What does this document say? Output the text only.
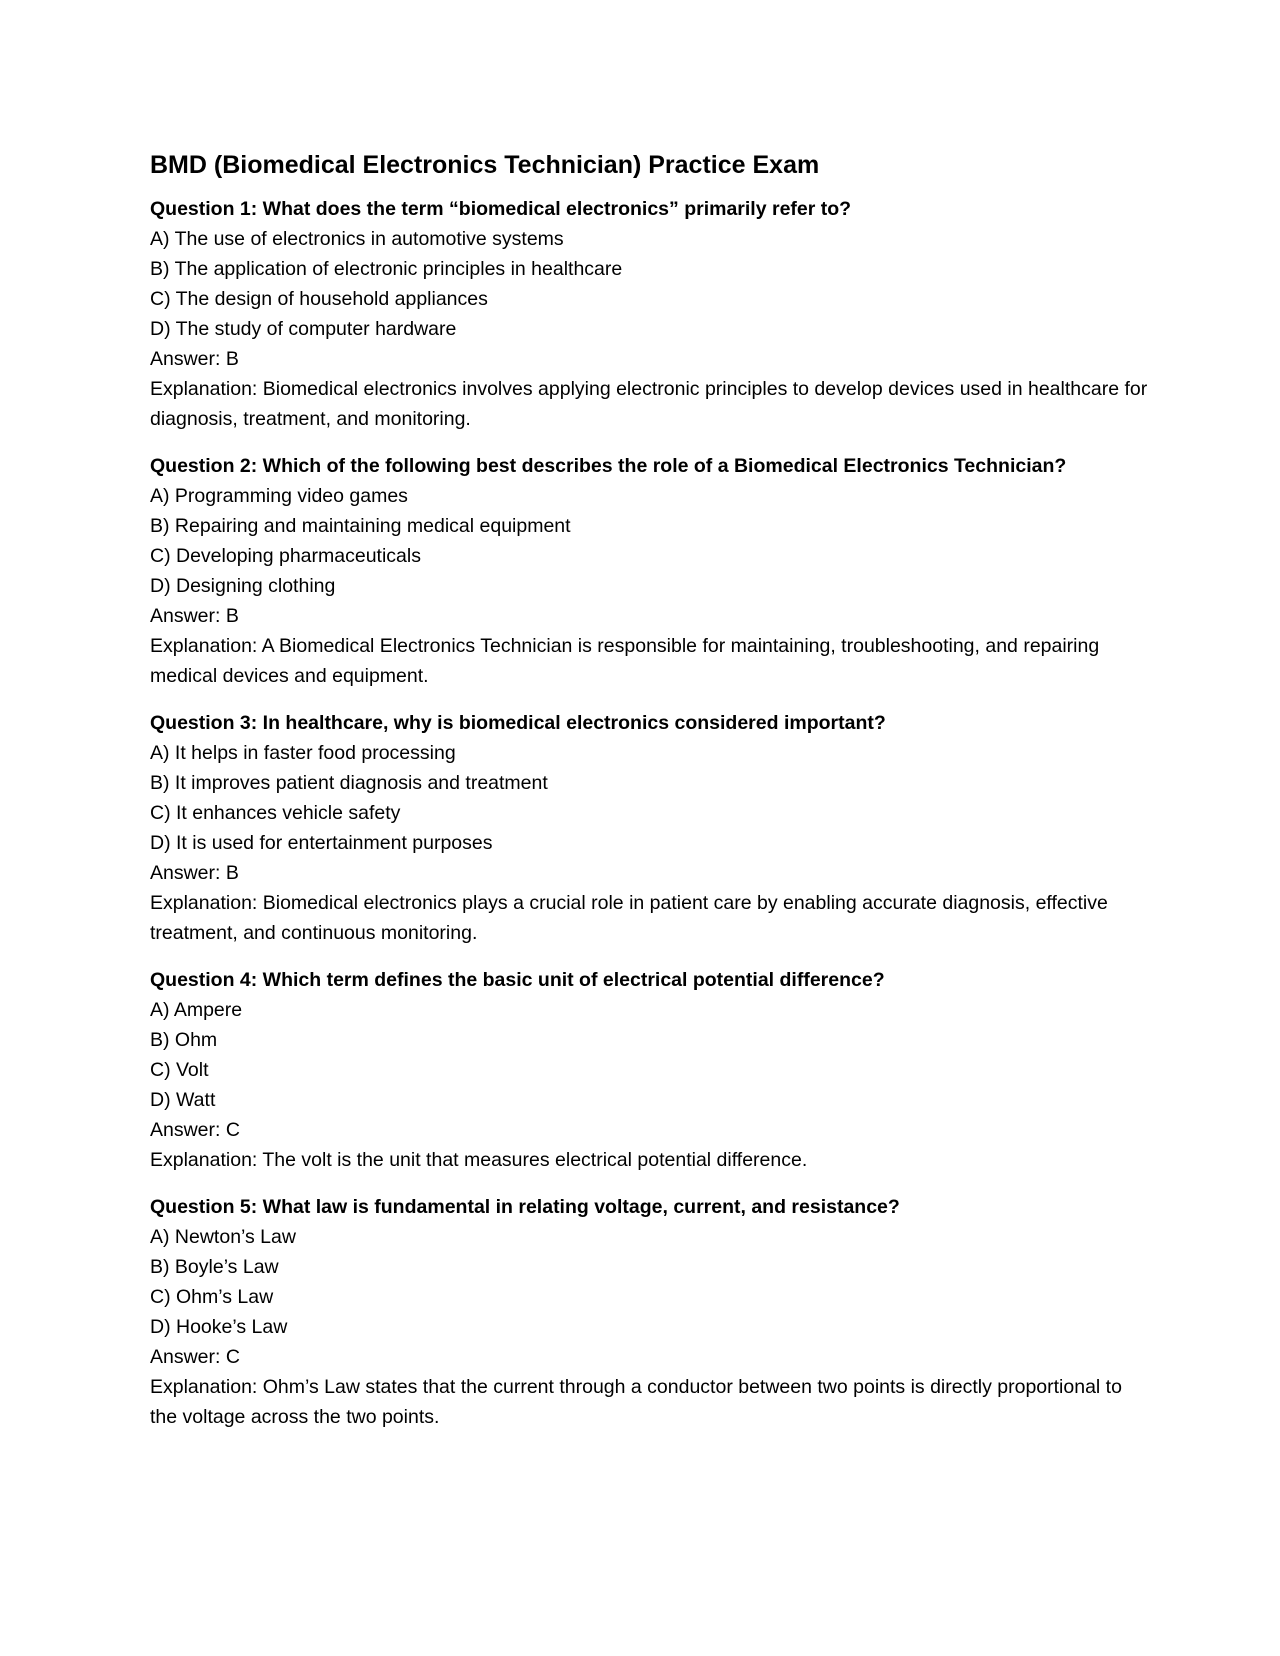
BMD (Biomedical Electronics Technician) Practice Exam
Question 1: What does the term “biomedical electronics” primarily refer to?
A) The use of electronics in automotive systems
B) The application of electronic principles in healthcare
C) The design of household appliances
D) The study of computer hardware
Answer: B
Explanation: Biomedical electronics involves applying electronic principles to develop devices used in healthcare for diagnosis, treatment, and monitoring.
Question 2: Which of the following best describes the role of a Biomedical Electronics Technician?
A) Programming video games
B) Repairing and maintaining medical equipment
C) Developing pharmaceuticals
D) Designing clothing
Answer: B
Explanation: A Biomedical Electronics Technician is responsible for maintaining, troubleshooting, and repairing medical devices and equipment.
Question 3: In healthcare, why is biomedical electronics considered important?
A) It helps in faster food processing
B) It improves patient diagnosis and treatment
C) It enhances vehicle safety
D) It is used for entertainment purposes
Answer: B
Explanation: Biomedical electronics plays a crucial role in patient care by enabling accurate diagnosis, effective treatment, and continuous monitoring.
Question 4: Which term defines the basic unit of electrical potential difference?
A) Ampere
B) Ohm
C) Volt
D) Watt
Answer: C
Explanation: The volt is the unit that measures electrical potential difference.
Question 5: What law is fundamental in relating voltage, current, and resistance?
A) Newton’s Law
B) Boyle’s Law
C) Ohm’s Law
D) Hooke’s Law
Answer: C
Explanation: Ohm’s Law states that the current through a conductor between two points is directly proportional to the voltage across the two points.
